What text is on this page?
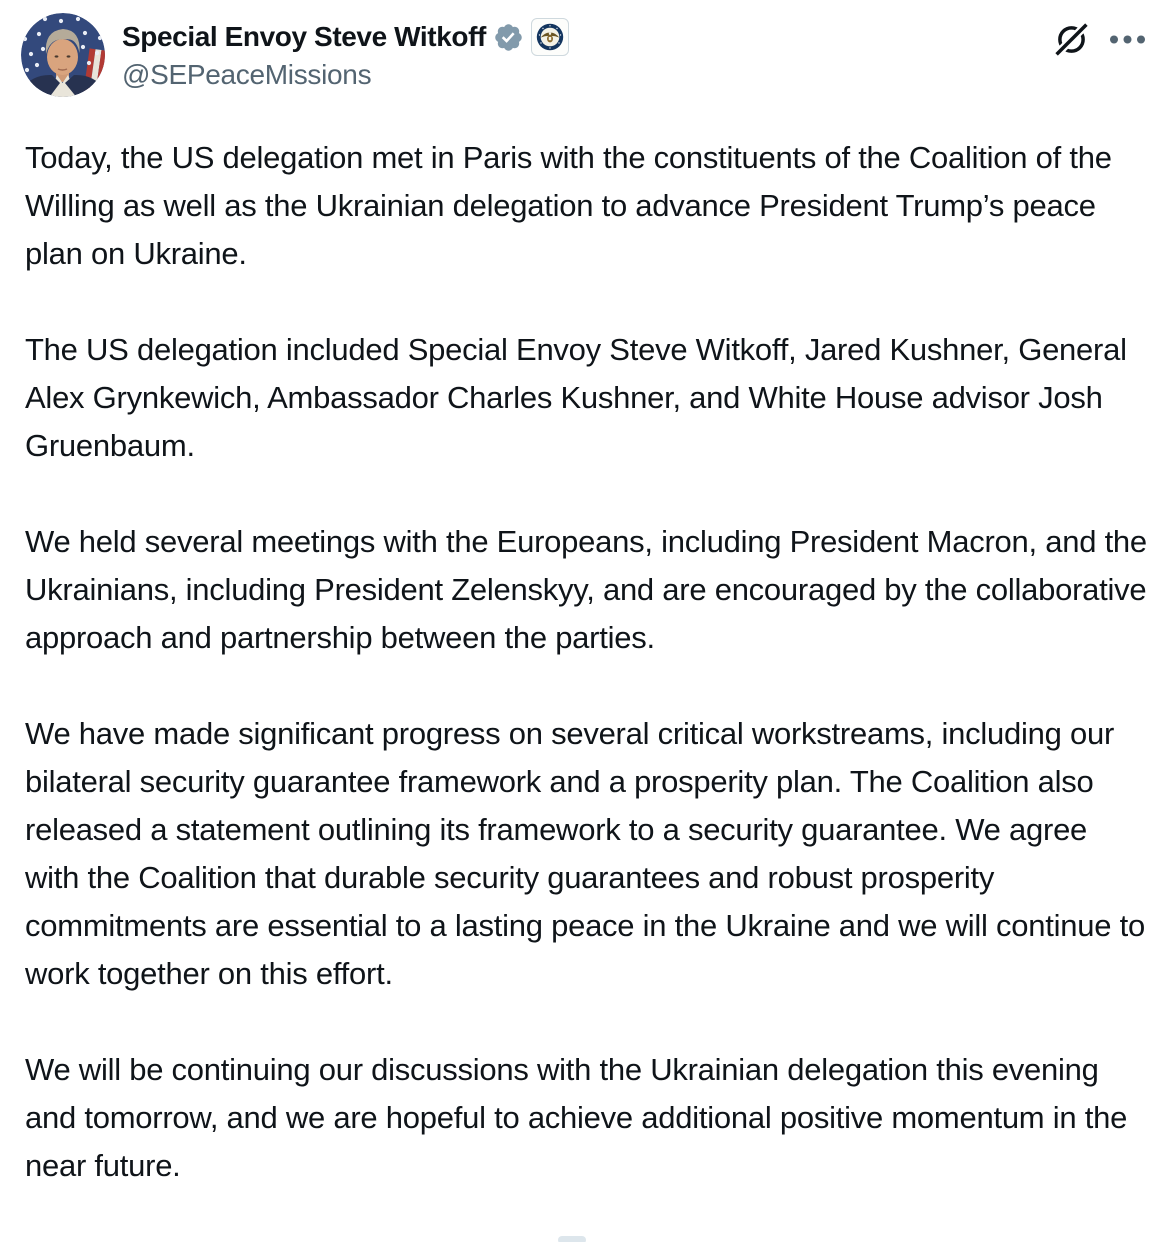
Special Envoy Steve Witkoff
@SEPeaceMissions

Today, the US delegation met in Paris with the constituents of the Coalition of the Willing as well as the Ukrainian delegation to advance President Trump’s peace plan on Ukraine.

The US delegation included Special Envoy Steve Witkoff, Jared Kushner, General Alex Grynkewich, Ambassador Charles Kushner, and White House advisor Josh Gruenbaum.

We held several meetings with the Europeans, including President Macron, and the Ukrainians, including President Zelenskyy, and are encouraged by the collaborative approach and partnership between the parties.

We have made significant progress on several critical workstreams, including our bilateral security guarantee framework and a prosperity plan. The Coalition also released a statement outlining its framework to a security guarantee. We agree with the Coalition that durable security guarantees and robust prosperity commitments are essential to a lasting peace in the Ukraine and we will continue to work together on this effort.

We will be continuing our discussions with the Ukrainian delegation this evening and tomorrow, and we are hopeful to achieve additional positive momentum in the near future.
